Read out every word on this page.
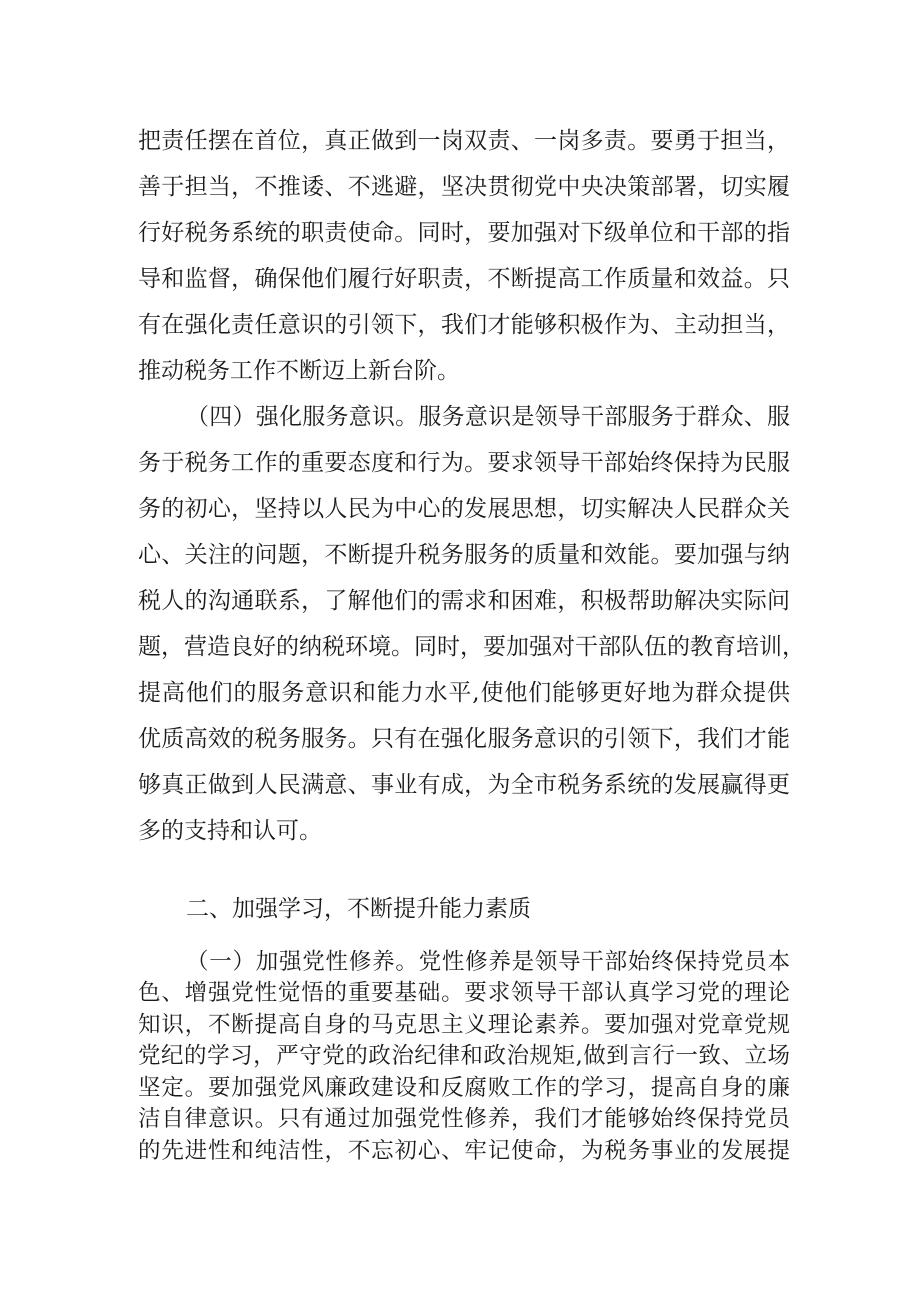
把责任摆在首位，真正做到一岗双责、一岗多责。要勇于担当，
善于担当，不推诿、不逃避，坚决贯彻党中央决策部署，切实履
行好税务系统的职责使命。同时，要加强对下级单位和干部的指
导和监督，确保他们履行好职责，不断提高工作质量和效益。只
有在强化责任意识的引领下，我们才能够积极作为、主动担当，
推动税务工作不断迈上新台阶。
（四）强化服务意识。服务意识是领导干部服务于群众、服
务于税务工作的重要态度和行为。要求领导干部始终保持为民服
务的初心，坚持以人民为中心的发展思想，切实解决人民群众关
心、关注的问题，不断提升税务服务的质量和效能。要加强与纳
税人的沟通联系，了解他们的需求和困难，积极帮助解决实际问
题，营造良好的纳税环境。同时，要加强对干部队伍的教育培训，
提高他们的服务意识和能力水平,使他们能够更好地为群众提供
优质高效的税务服务。只有在强化服务意识的引领下，我们才能
够真正做到人民满意、事业有成，为全市税务系统的发展赢得更
多的支持和认可。
二、加强学习，不断提升能力素质
（一）加强党性修养。党性修养是领导干部始终保持党员本
色、增强党性觉悟的重要基础。要求领导干部认真学习党的理论
知识，不断提高自身的马克思主义理论素养。要加强对党章党规
党纪的学习，严守党的政治纪律和政治规矩,做到言行一致、立场
坚定。要加强党风廉政建设和反腐败工作的学习，提高自身的廉
洁自律意识。只有通过加强党性修养，我们才能够始终保持党员
的先进性和纯洁性，不忘初心、牢记使命，为税务事业的发展提
